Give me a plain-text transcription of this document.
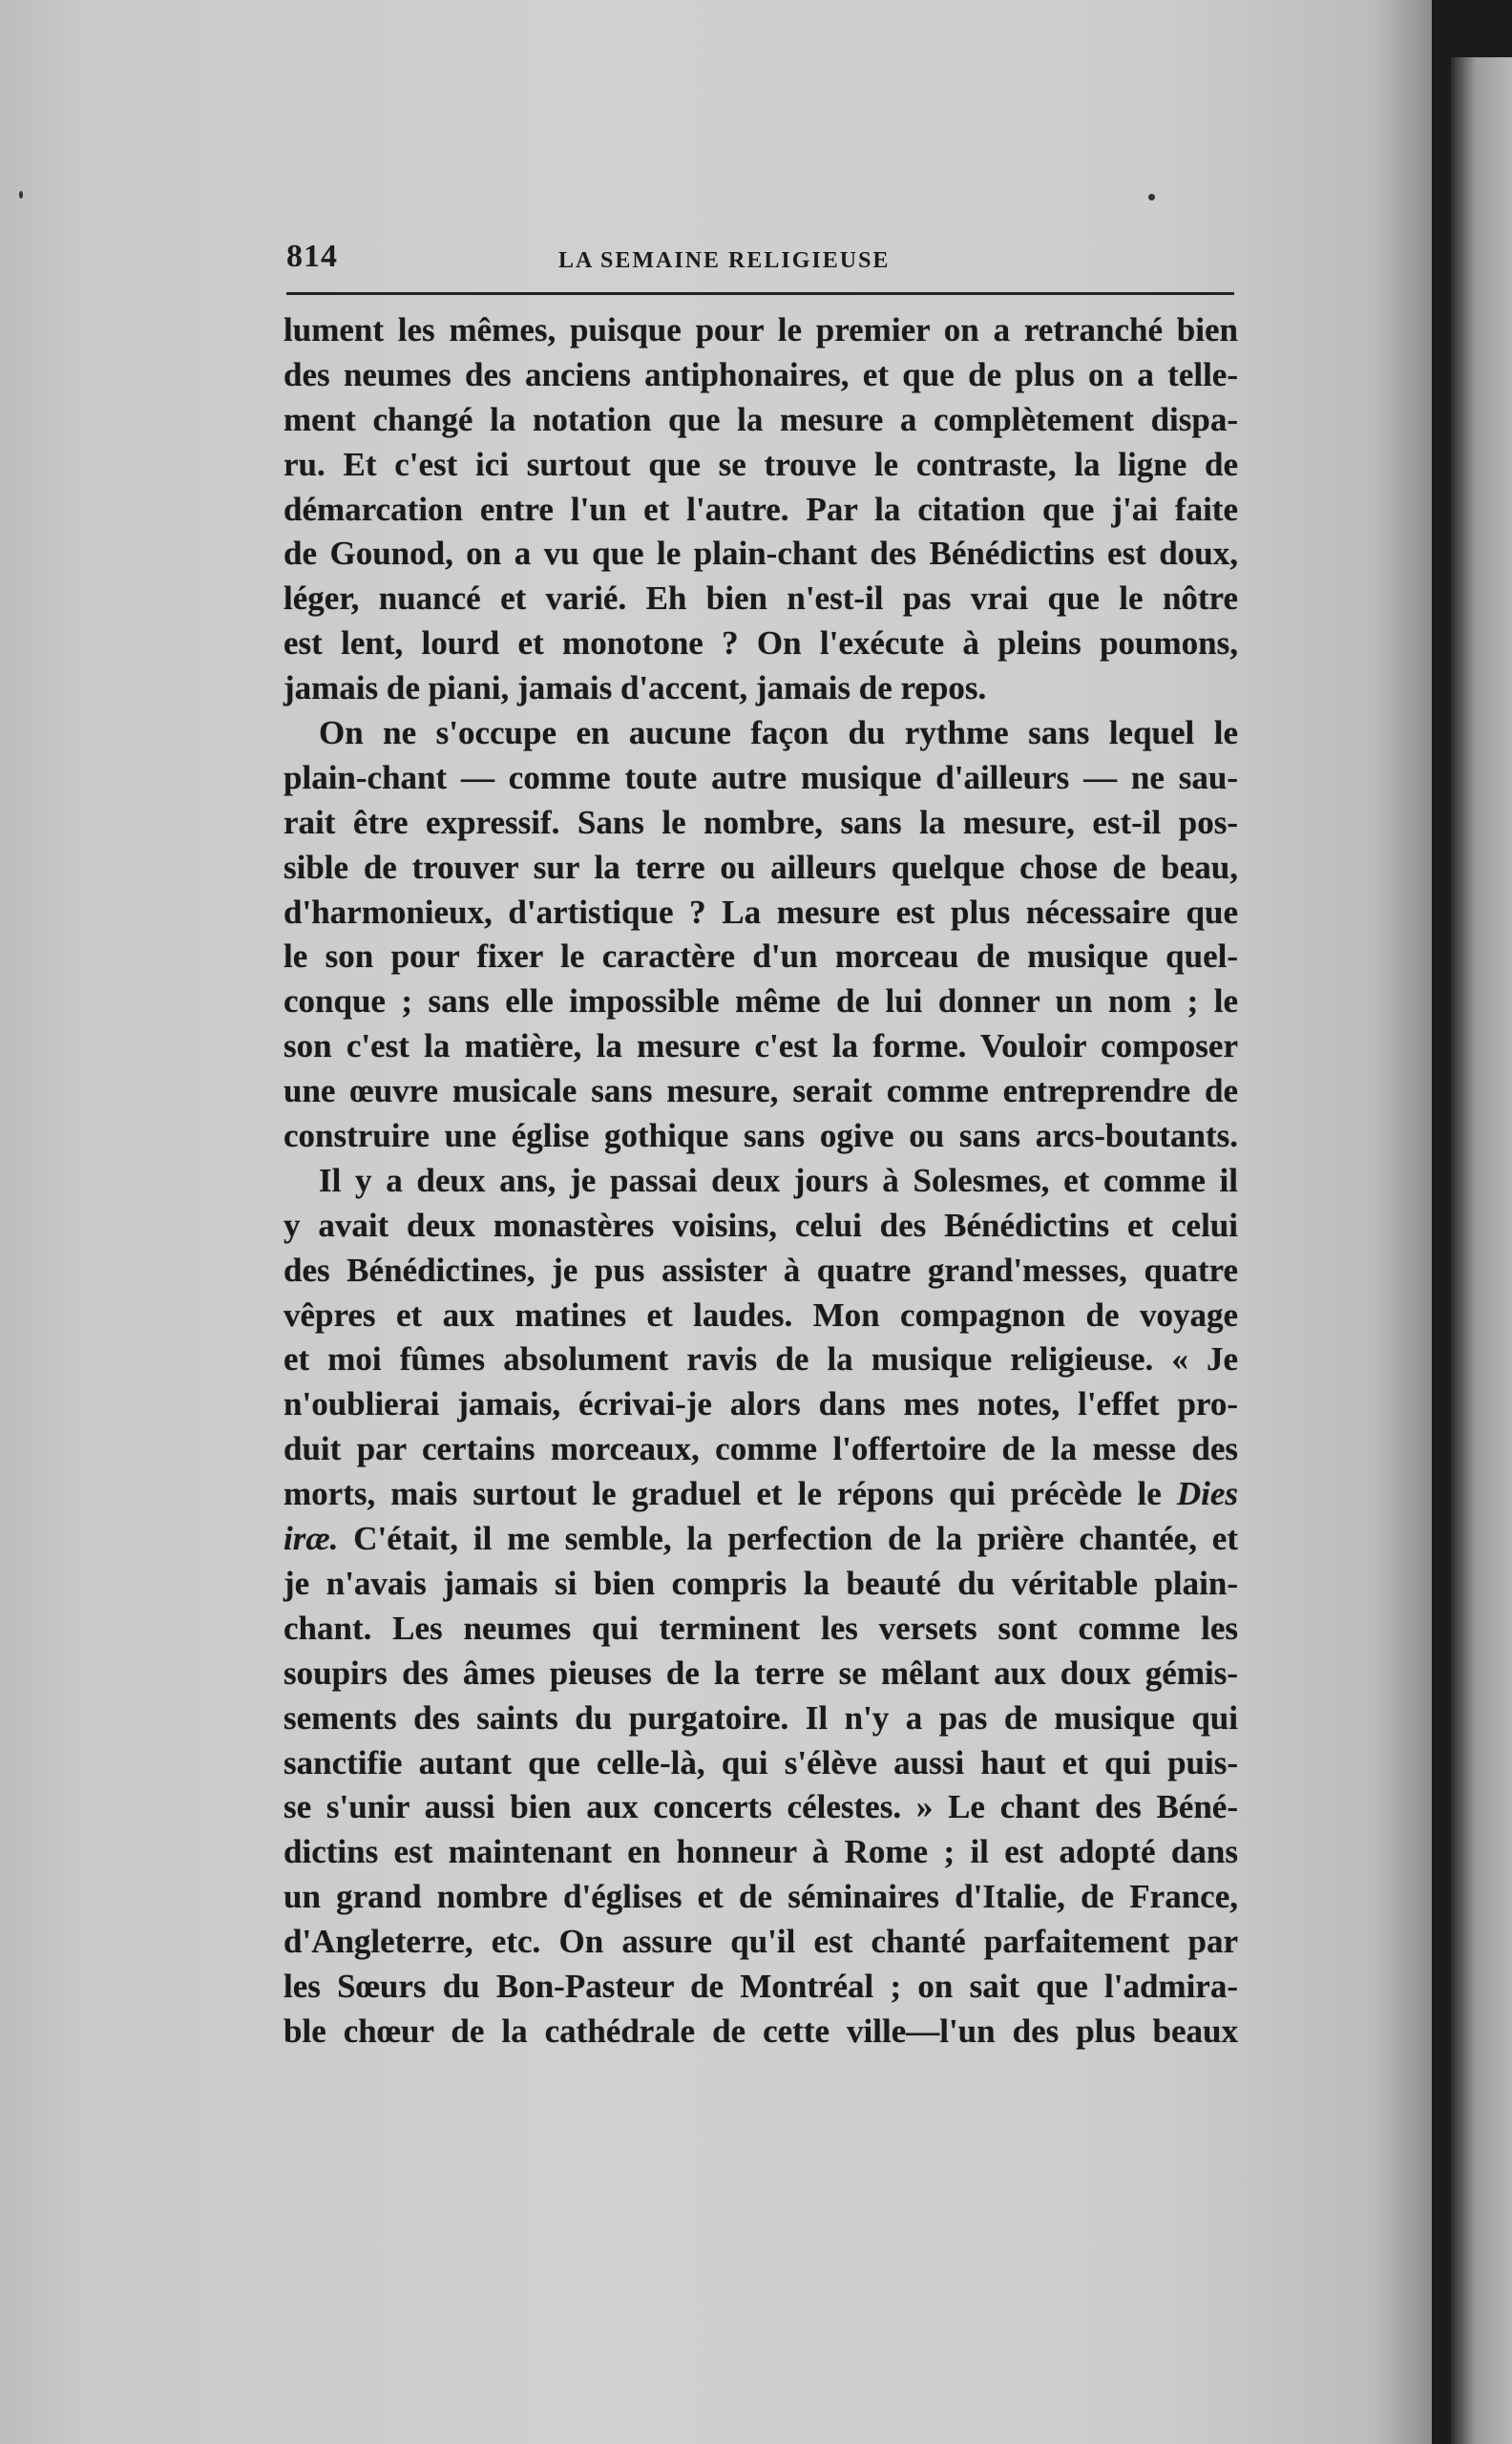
814	LA SEMAINE RELIGIEUSE
lument les mêmes, puisque pour le premier on a retranché bien
des neumes des anciens antiphonaires, et que de plus on a telle-
ment changé la notation que la mesure a complètement dispa-
ru. Et c'est ici surtout que se trouve le contraste, la ligne de
démarcation entre l'un et l'autre. Par la citation que j'ai faite
de Gounod, on a vu que le plain-chant des Bénédictins est doux,
léger, nuancé et varié. Eh bien n'est-il pas vrai que le nôtre
est lent, lourd et monotone ? On l'exécute à pleins poumons,
jamais de piani, jamais d'accent, jamais de repos.
On ne s'occupe en aucune façon du rythme sans lequel le
plain-chant — comme toute autre musique d'ailleurs — ne sau-
rait être expressif. Sans le nombre, sans la mesure, est-il pos-
sible de trouver sur la terre ou ailleurs quelque chose de beau,
d'harmonieux, d'artistique ? La mesure est plus nécessaire que
le son pour fixer le caractère d'un morceau de musique quel-
conque ; sans elle impossible même de lui donner un nom ; le
son c'est la matière, la mesure c'est la forme. Vouloir composer
une œuvre musicale sans mesure, serait comme entreprendre de
construire une église gothique sans ogive ou sans arcs-boutants.
Il y a deux ans, je passai deux jours à Solesmes, et comme il
y avait deux monastères voisins, celui des Bénédictins et celui
des Bénédictines, je pus assister à quatre grand'messes, quatre
vêpres et aux matines et laudes. Mon compagnon de voyage
et moi fûmes absolument ravis de la musique religieuse. « Je
n'oublierai jamais, écrivai-je alors dans mes notes, l'effet pro-
duit par certains morceaux, comme l'offertoire de la messe des
morts, mais surtout le graduel et le répons qui précède le Dies
iræ. C'était, il me semble, la perfection de la prière chantée, et
je n'avais jamais si bien compris la beauté du véritable plain-
chant. Les neumes qui terminent les versets sont comme les
soupirs des âmes pieuses de la terre se mêlant aux doux gémis-
sements des saints du purgatoire. Il n'y a pas de musique qui
sanctifie autant que celle-là, qui s'élève aussi haut et qui puis-
se s'unir aussi bien aux concerts célestes. » Le chant des Béné-
dictins est maintenant en honneur à Rome ; il est adopté dans
un grand nombre d'églises et de séminaires d'Italie, de France,
d'Angleterre, etc. On assure qu'il est chanté parfaitement par
les Sœurs du Bon-Pasteur de Montréal ; on sait que l'admira-
ble chœur de la cathédrale de cette ville—l'un des plus beaux
